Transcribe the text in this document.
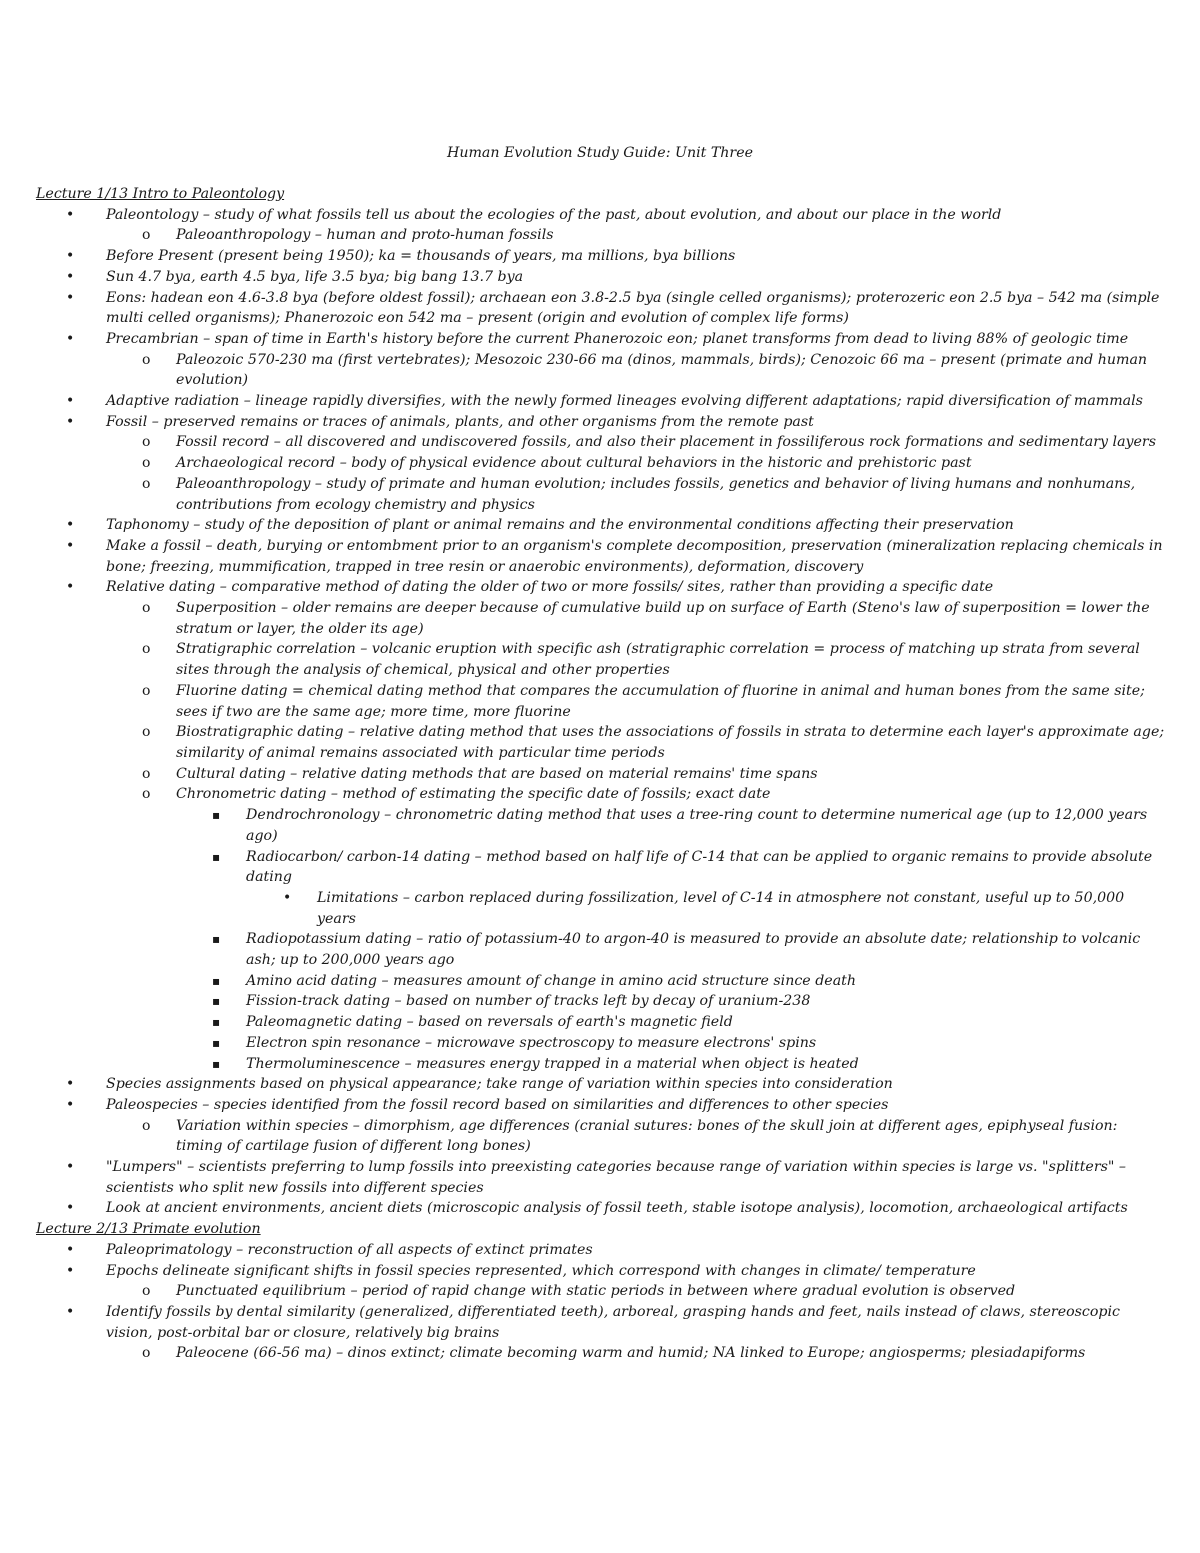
Human Evolution Study Guide: Unit Three
Lecture 1/13 Intro to Paleontology
• Paleontology – study of what fossils tell us about the ecologies of the past, about evolution, and about our place in the world
o Paleoanthropology – human and proto-human fossils
• Before Present (present being 1950); ka = thousands of years, ma millions, bya billions
• Sun 4.7 bya, earth 4.5 bya, life 3.5 bya; big bang 13.7 bya
• Eons: hadean eon 4.6-3.8 bya (before oldest fossil); archaean eon 3.8-2.5 bya (single celled organisms); proterozeric eon 2.5 bya – 542 ma (simple multi celled organisms); Phanerozoic eon 542 ma – present (origin and evolution of complex life forms)
• Precambrian – span of time in Earth's history before the current Phanerozoic eon; planet transforms from dead to living 88% of geologic time
o Paleozoic 570-230 ma (first vertebrates); Mesozoic 230-66 ma (dinos, mammals, birds); Cenozoic 66 ma – present (primate and human evolution)
• Adaptive radiation – lineage rapidly diversifies, with the newly formed lineages evolving different adaptations; rapid diversification of mammals
• Fossil – preserved remains or traces of animals, plants, and other organisms from the remote past
o Fossil record – all discovered and undiscovered fossils, and also their placement in fossiliferous rock formations and sedimentary layers
o Archaeological record – body of physical evidence about cultural behaviors in the historic and prehistoric past
o Paleoanthropology – study of primate and human evolution; includes fossils, genetics and behavior of living humans and nonhumans, contributions from ecology chemistry and physics
• Taphonomy – study of the deposition of plant or animal remains and the environmental conditions affecting their preservation
• Make a fossil – death, burying or entombment prior to an organism's complete decomposition, preservation (mineralization replacing chemicals in bone; freezing, mummification, trapped in tree resin or anaerobic environments), deformation, discovery
• Relative dating – comparative method of dating the older of two or more fossils/ sites, rather than providing a specific date
o Superposition – older remains are deeper because of cumulative build up on surface of Earth (Steno's law of superposition = lower the stratum or layer, the older its age)
o Stratigraphic correlation – volcanic eruption with specific ash (stratigraphic correlation = process of matching up strata from several sites through the analysis of chemical, physical and other properties
o Fluorine dating = chemical dating method that compares the accumulation of fluorine in animal and human bones from the same site; sees if two are the same age; more time, more fluorine
o Biostratigraphic dating – relative dating method that uses the associations of fossils in strata to determine each layer's approximate age; similarity of animal remains associated with particular time periods
o Cultural dating – relative dating methods that are based on material remains' time spans
o Chronometric dating – method of estimating the specific date of fossils; exact date
▪ Dendrochronology – chronometric dating method that uses a tree-ring count to determine numerical age (up to 12,000 years ago)
▪ Radiocarbon/ carbon-14 dating – method based on half life of C-14 that can be applied to organic remains to provide absolute dating
• Limitations – carbon replaced during fossilization, level of C-14 in atmosphere not constant, useful up to 50,000 years
▪ Radiopotassium dating – ratio of potassium-40 to argon-40 is measured to provide an absolute date; relationship to volcanic ash; up to 200,000 years ago
▪ Amino acid dating – measures amount of change in amino acid structure since death
▪ Fission-track dating – based on number of tracks left by decay of uranium-238
▪ Paleomagnetic dating – based on reversals of earth's magnetic field
▪ Electron spin resonance – microwave spectroscopy to measure electrons' spins
▪ Thermoluminescence – measures energy trapped in a material when object is heated
• Species assignments based on physical appearance; take range of variation within species into consideration
• Paleospecies – species identified from the fossil record based on similarities and differences to other species
o Variation within species – dimorphism, age differences (cranial sutures: bones of the skull join at different ages, epiphyseal fusion: timing of cartilage fusion of different long bones)
• "Lumpers" – scientists preferring to lump fossils into preexisting categories because range of variation within species is large vs. "splitters" – scientists who split new fossils into different species
• Look at ancient environments, ancient diets (microscopic analysis of fossil teeth, stable isotope analysis), locomotion, archaeological artifacts
Lecture 2/13 Primate evolution
• Paleoprimatology – reconstruction of all aspects of extinct primates
• Epochs delineate significant shifts in fossil species represented, which correspond with changes in climate/ temperature
o Punctuated equilibrium – period of rapid change with static periods in between where gradual evolution is observed
• Identify fossils by dental similarity (generalized, differentiated teeth), arboreal, grasping hands and feet, nails instead of claws, stereoscopic vision, post-orbital bar or closure, relatively big brains
o Paleocene (66-56 ma) – dinos extinct; climate becoming warm and humid; NA linked to Europe; angiosperms; plesiadapiforms
